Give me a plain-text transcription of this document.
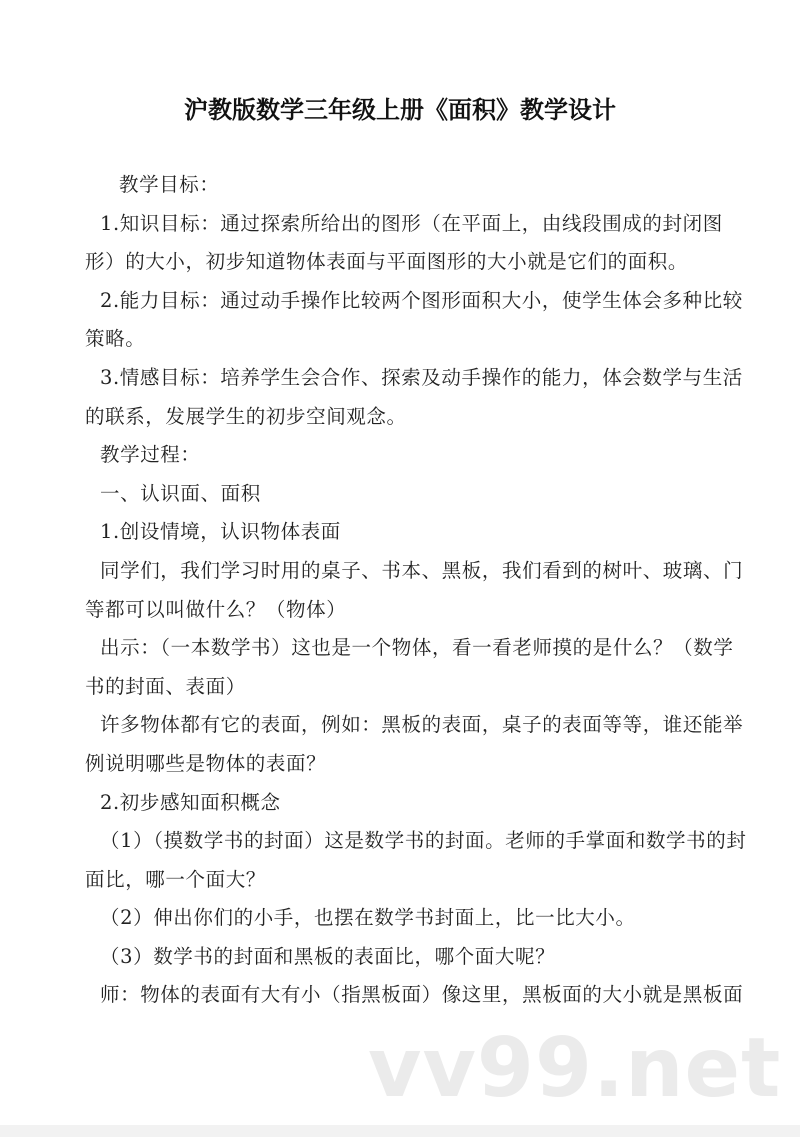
沪教版数学三年级上册《面积》教学设计
教学目标：
1.知识目标：通过探索所给出的图形（在平面上，由线段围成的封闭图
形）的大小，初步知道物体表面与平面图形的大小就是它们的面积。
2.能力目标：通过动手操作比较两个图形面积大小，使学生体会多种比较
策略。
3.情感目标：培养学生会合作、探索及动手操作的能力，体会数学与生活
的联系，发展学生的初步空间观念。
教学过程：
一、认识面、面积
1.创设情境，认识物体表面
同学们，我们学习时用的桌子、书本、黑板，我们看到的树叶、玻璃、门
等都可以叫做什么？（物体）
出示：（一本数学书）这也是一个物体，看一看老师摸的是什么？（数学
书的封面、表面）
许多物体都有它的表面，例如：黑板的表面，桌子的表面等等，谁还能举
例说明哪些是物体的表面？
2.初步感知面积概念
（1）（摸数学书的封面）这是数学书的封面。老师的手掌面和数学书的封
面比，哪一个面大？
（2）伸出你们的小手，也摆在数学书封面上，比一比大小。
（3）数学书的封面和黑板的表面比，哪个面大呢？
师：物体的表面有大有小（指黑板面）像这里，黑板面的大小就是黑板面
vv99.net
